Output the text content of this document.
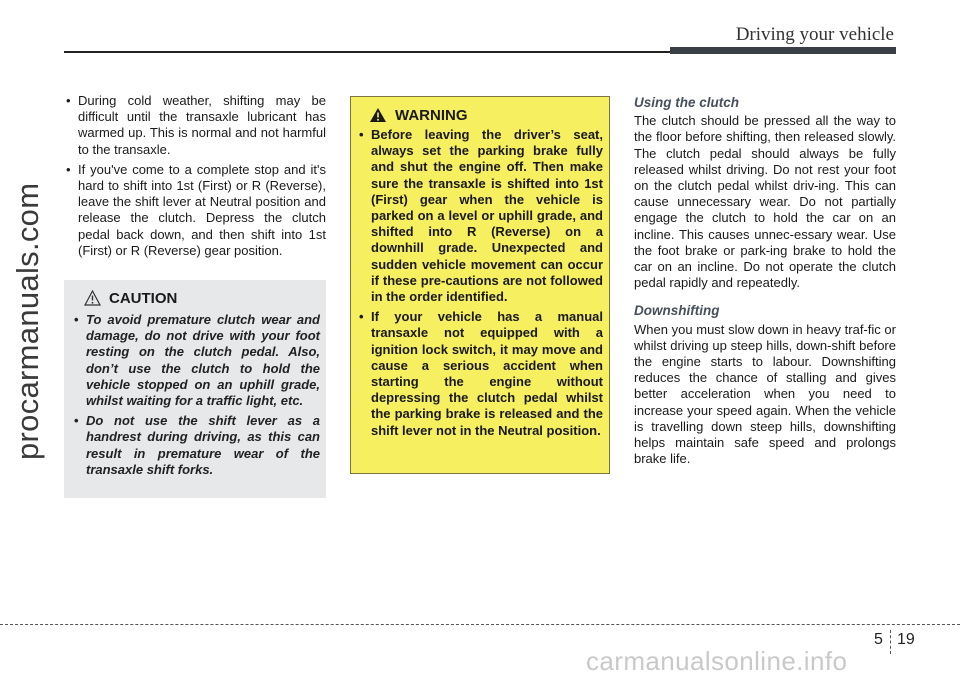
Driving your vehicle
procarmanuals.com
• During cold weather, shifting may be difficult until the transaxle lubricant has warmed up. This is normal and not harmful to the transaxle.
• If you've come to a complete stop and it's hard to shift into 1st (First) or R (Reverse), leave the shift lever at Neutral position and release the clutch. Depress the clutch pedal back down, and then shift into 1st (First) or R (Reverse) gear position.
CAUTION
• To avoid premature clutch wear and damage, do not drive with your foot resting on the clutch pedal. Also, don’t use the clutch to hold the vehicle stopped on an uphill grade, whilst waiting for a traffic light, etc.
• Do not use the shift lever as a handrest during driving, as this can result in premature wear of the transaxle shift forks.
WARNING
• Before leaving the driver’s seat, always set the parking brake fully and shut the engine off. Then make sure the transaxle is shifted into 1st (First) gear when the vehicle is parked on a level or uphill grade, and shifted into R (Reverse) on a downhill grade. Unexpected and sudden vehicle movement can occur if these pre-cautions are not followed in the order identified.
• If your vehicle has a manual transaxle not equipped with a ignition lock switch, it may move and cause a serious accident when starting the engine without depressing the clutch pedal whilst the parking brake is released and the shift lever not in the Neutral position.
Using the clutch

The clutch should be pressed all the way to the floor before shifting, then released slowly. The clutch pedal should always be fully released whilst driving. Do not rest your foot on the clutch pedal whilst driv-ing. This can cause unnecessary wear. Do not partially engage the clutch to hold the car on an incline. This causes unnec-essary wear. Use the foot brake or park-ing brake to hold the car on an incline. Do not operate the clutch pedal rapidly and repeatedly.

Downshifting

When you must slow down in heavy traf-fic or whilst driving up steep hills, down-shift before the engine starts to labour. Downshifting reduces the chance of stalling and gives better acceleration when you need to increase your speed again. When the vehicle is travelling down steep hills, downshifting helps maintain safe speed and prolongs brake life.

5 19
carmanualsonline.info
